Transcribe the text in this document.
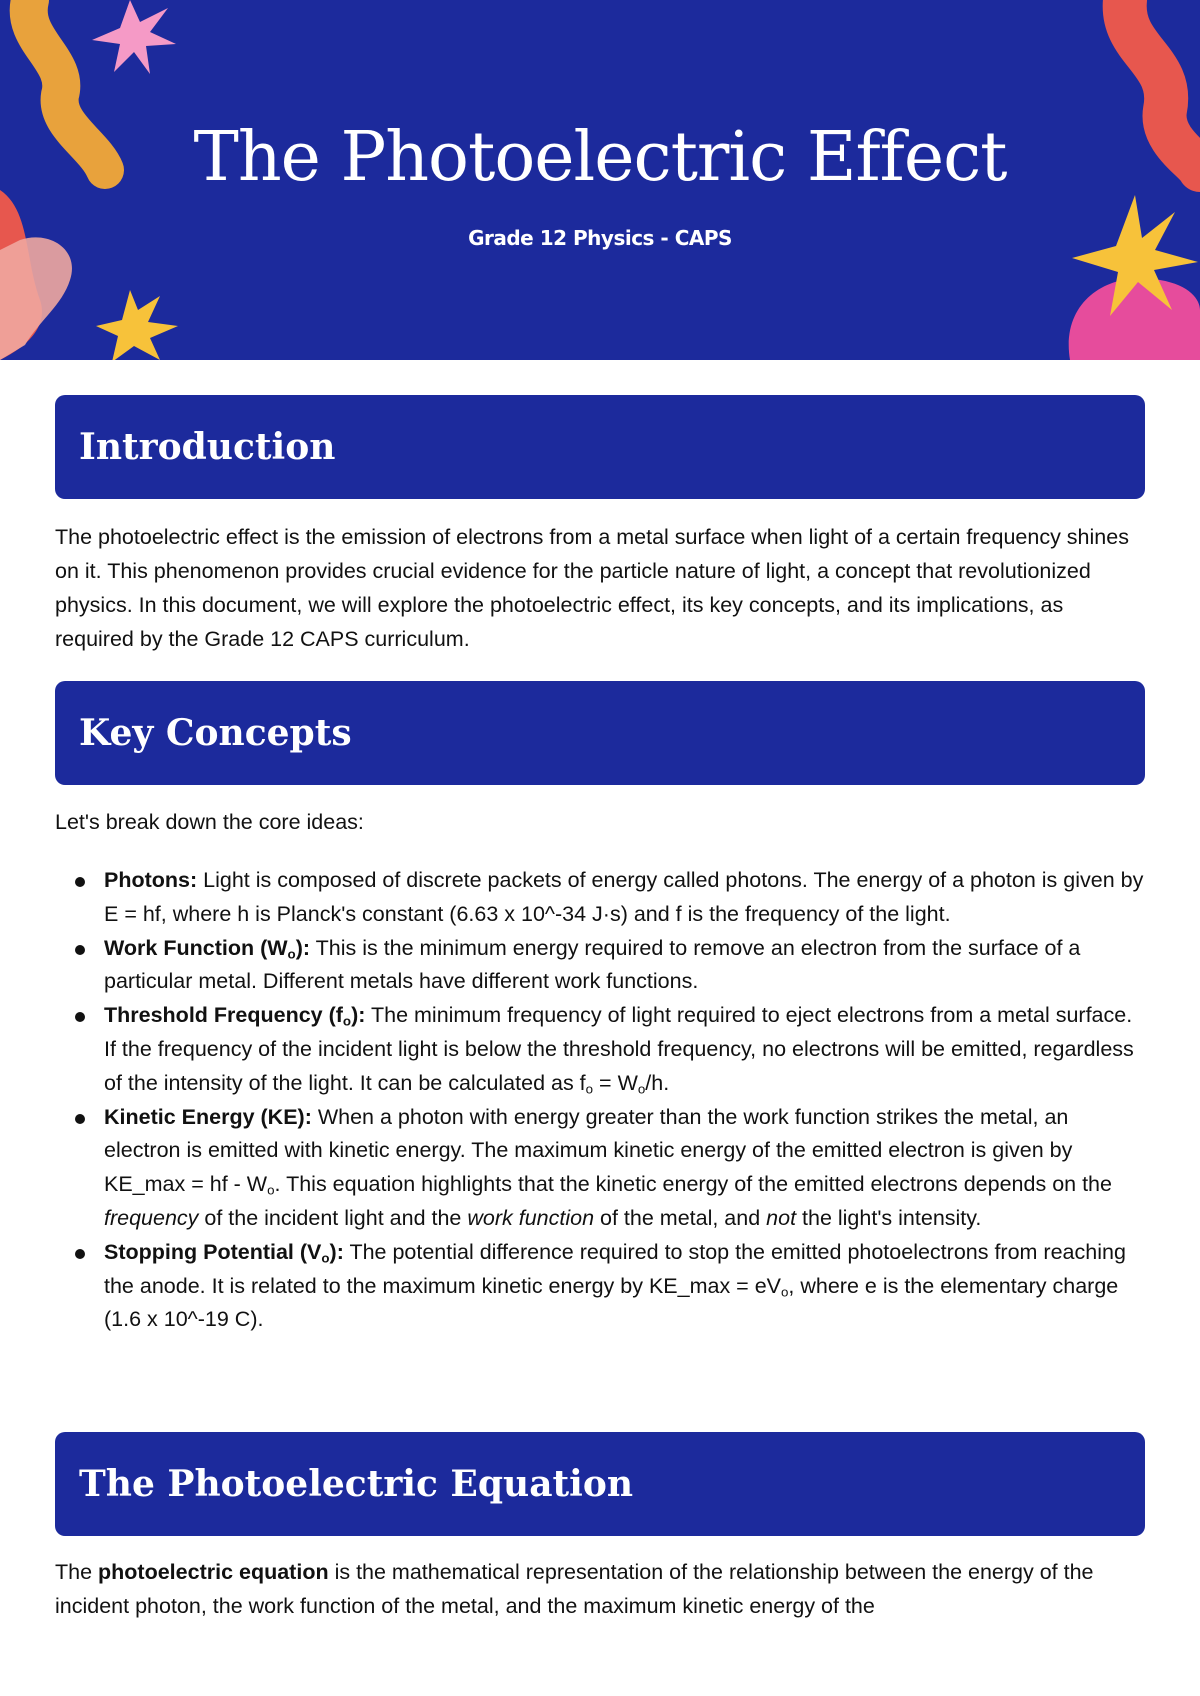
The Photoelectric Effect
Grade 12 Physics - CAPS
Introduction

The photoelectric effect is the emission of electrons from a metal surface when light of a certain frequency shines on it. This phenomenon provides crucial evidence for the particle nature of light, a concept that revolutionized physics. In this document, we will explore the photoelectric effect, its key concepts, and its implications, as required by the Grade 12 CAPS curriculum.

Key Concepts

Let's break down the core ideas:

Photons: Light is composed of discrete packets of energy called photons. The energy of a photon is given by E = hf, where h is Planck's constant (6.63 x 10^-34 J·s) and f is the frequency of the light.
Work Function $(W_o)$: This is the minimum energy required to remove an electron from the surface of a particular metal. Different metals have different work functions.
Threshold Frequency $(f_o)$: The minimum frequency of light required to eject electrons from a metal surface. If the frequency of the incident light is below the threshold frequency, no electrons will be emitted, regardless of the intensity of the light. It can be calculated as $f_o = W_o/h$.
Kinetic Energy (KE): When a photon with energy greater than the work function strikes the metal, an electron is emitted with kinetic energy. The maximum kinetic energy of the emitted electron is given by KE_max = hf - $W_o$. This equation highlights that the kinetic energy of the emitted electrons depends on the frequency of the incident light and the work function of the metal, and not the light's intensity.
Stopping Potential $(V_o)$: The potential difference required to stop the emitted photoelectrons from reaching the anode. It is related to the maximum kinetic energy by KE_max = $eV_o$, where e is the elementary charge (1.6 x 10^-19 C).
The Photoelectric Equation

The photoelectric equation is the mathematical representation of the relationship between the energy of the incident photon, the work function of the metal, and the maximum kinetic energy of the
